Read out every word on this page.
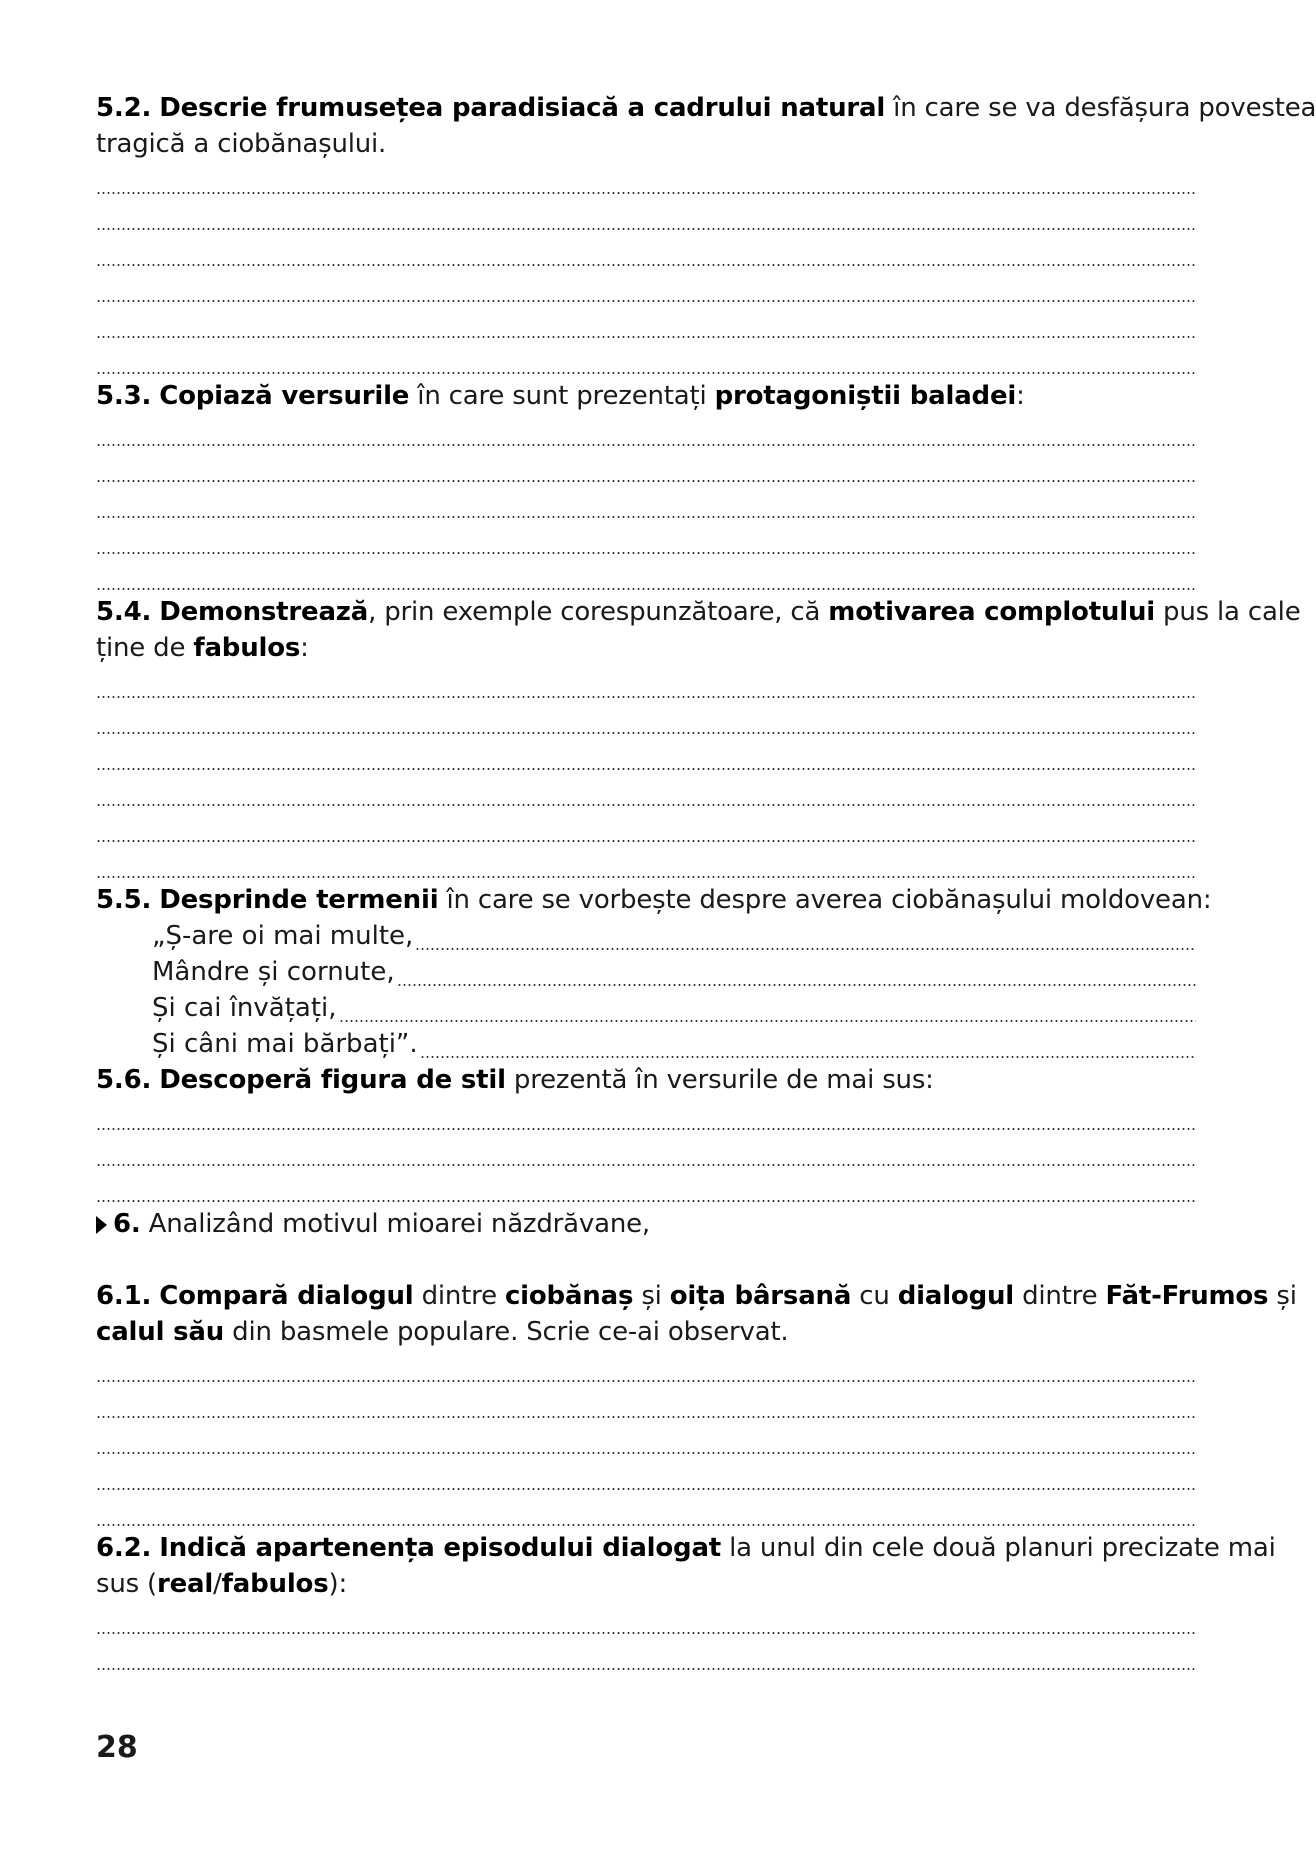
5.2. Descrie frumusețea paradisiacă a cadrului natural în care se va desfășura povestea
tragică a ciobănașului.
5.3. Copiază versurile în care sunt prezentați protagoniștii baladei:
5.4. Demonstrează, prin exemple corespunzătoare, că motivarea complotului pus la cale
ține de fabulos:
5.5. Desprinde termenii în care se vorbește despre averea ciobănașului moldovean:
„Ș-are oi mai multe,
Mândre și cornute,
Și cai învățați,
Și câni mai bărbați”.
5.6. Descoperă figura de stil prezentă în versurile de mai sus:
6. Analizând motivul mioarei năzdrăvane,
6.1. Compară dialogul dintre ciobănaș și oița bârsană cu dialogul dintre Făt-Frumos și
calul său din basmele populare. Scrie ce-ai observat.
6.2. Indică apartenența episodului dialogat la unul din cele două planuri precizate mai
sus (real/fabulos):
28
